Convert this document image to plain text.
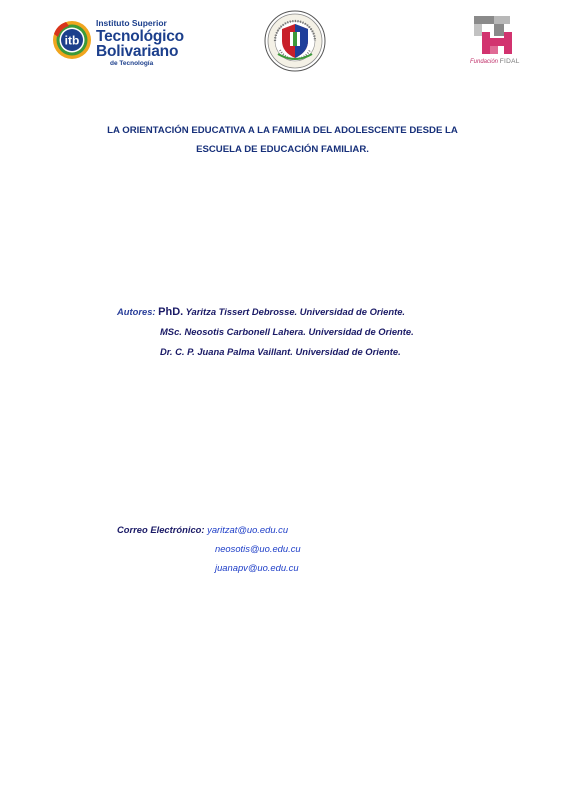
itb
Instituto Superior
Tecnológico
Bolivariano
de Tecnología	Fundación FIDAL
LA ORIENTACIÓN EDUCATIVA A LA FAMILIA DEL ADOLESCENTE DESDE LA
ESCUELA DE EDUCACIÓN FAMILIAR.
Autores: PhD. Yaritza Tissert Debrosse. Universidad de Oriente.
MSc. Neosotis Carbonell Lahera. Universidad de Oriente.
Dr. C. P. Juana Palma Vaillant. Universidad de Oriente.
Correo Electrónico: yaritzat@uo.edu.cu
neosotis@uo.edu.cu
juanapv@uo.edu.cu
